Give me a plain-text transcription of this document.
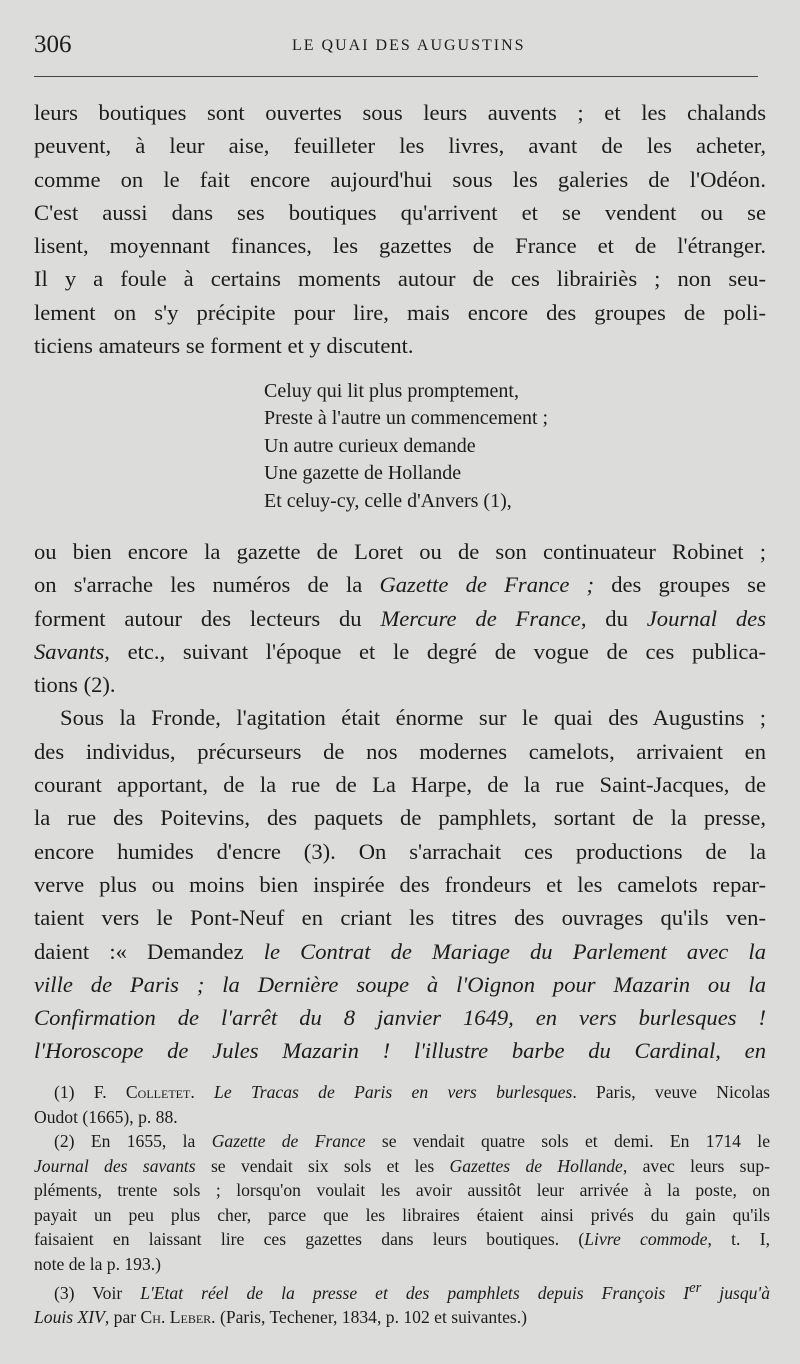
306	LE QUAI DES AUGUSTINS
leurs boutiques sont ouvertes sous leurs auvents ; et les chalands
peuvent, à leur aise, feuilleter les livres, avant de les acheter,
comme on le fait encore aujourd'hui sous les galeries de l'Odéon.
C'est aussi dans ses boutiques qu'arrivent et se vendent ou se
lisent, moyennant finances, les gazettes de France et de l'étranger.
Il y a foule à certains moments autour de ces librairiès ; non seu-
lement on s'y précipite pour lire, mais encore des groupes de poli-
ticiens amateurs se forment et y discutent.
Celuy qui lit plus promptement,
Preste à l'autre un commencement ;
Un autre curieux demande
Une gazette de Hollande
Et celuy-cy, celle d'Anvers (1),
ou bien encore la gazette de Loret ou de son continuateur Robinet ;
on s'arrache les numéros de la Gazette de France ; des groupes se
forment autour des lecteurs du Mercure de France, du Journal des
Savants, etc., suivant l'époque et le degré de vogue de ces publica-
tions (2).
Sous la Fronde, l'agitation était énorme sur le quai des Augustins ;
des individus, précurseurs de nos modernes camelots, arrivaient en
courant apportant, de la rue de La Harpe, de la rue Saint-Jacques, de
la rue des Poitevins, des paquets de pamphlets, sortant de la presse,
encore humides d'encre (3). On s'arrachait ces productions de la
verve plus ou moins bien inspirée des frondeurs et les camelots repar-
taient vers le Pont-Neuf en criant les titres des ouvrages qu'ils ven-
daient :« Demandez le Contrat de Mariage du Parlement avec la
ville de Paris ; la Dernière soupe à l'Oignon pour Mazarin ou la
Confirmation de l'arrêt du 8 janvier 1649, en vers burlesques !
l'Horoscope de Jules Mazarin ! l'illustre barbe du Cardinal, en
(1) F. Colletet. Le Tracas de Paris en vers burlesques. Paris, veuve Nicolas
Oudot (1665), p. 88.
(2) En 1655, la Gazette de France se vendait quatre sols et demi. En 1714 le
Journal des savants se vendait six sols et les Gazettes de Hollande, avec leurs sup-
pléments, trente sols ; lorsqu'on voulait les avoir aussitôt leur arrivée à la poste, on
payait un peu plus cher, parce que les libraires étaient ainsi privés du gain qu'ils
faisaient en laissant lire ces gazettes dans leurs boutiques. (Livre commode, t. I,
note de la p. 193.)
(3) Voir L'Etat réel de la presse et des pamphlets depuis François Ier jusqu'à
Louis XIV, par Ch. Leber. (Paris, Techener, 1834, p. 102 et suivantes.)
